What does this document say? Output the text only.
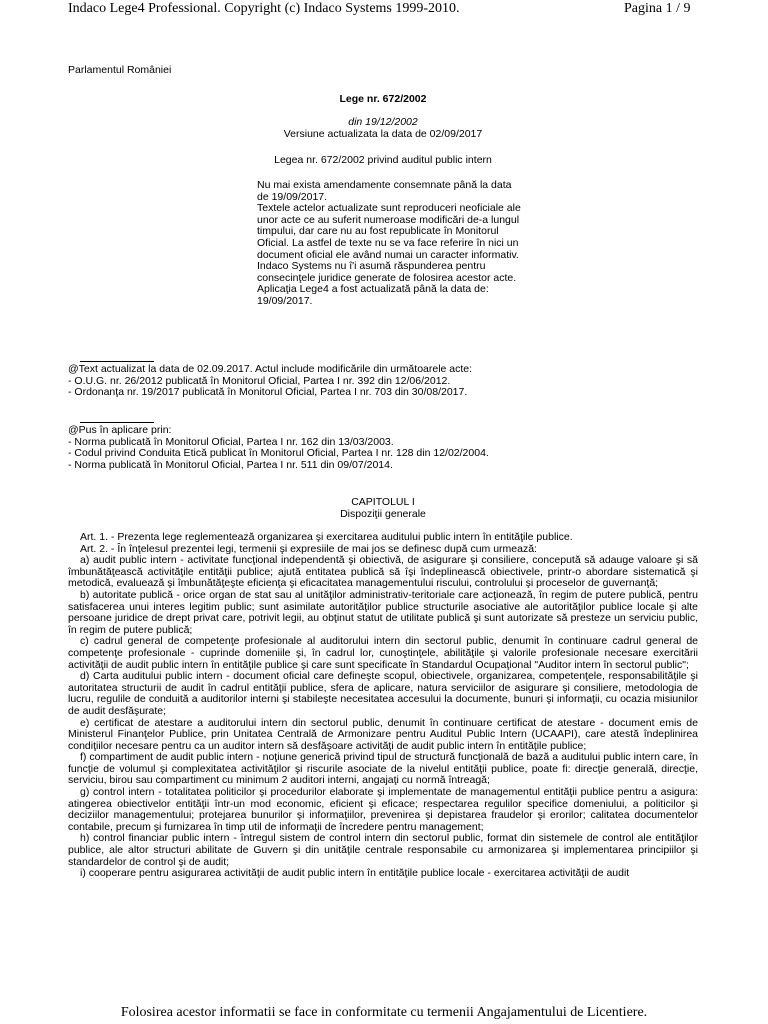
Indaco Lege4 Professional. Copyright (c) Indaco Systems 1999-2010.	Pagina 1 / 9
Parlamentul României
Lege nr. 672/2002
din 19/12/2002
Versiune actualizata la data de 02/09/2017
Legea nr. 672/2002 privind auditul public intern

Nu mai exista amendamente consemnate până la data de 19/09/2017.

Textele actelor actualizate sunt reproduceri neoficiale ale unor acte ce au suferit numeroase modificări de-a lungul timpului, dar care nu au fost republicate în Monitorul Oficial. La astfel de texte nu se va face referire în nici un document oficial ele având numai un caracter informativ. Indaco Systems nu î'i asumă răspunderea pentru consecinţele juridice generate de folosirea acestor acte.

Aplicaţia Lege4 a fost actualizată până la data de: 19/09/2017.

@Text actualizat la data de 02.09.2017. Actul include modificările din următoarele acte:
- O.U.G. nr. 26/2012 publicată în Monitorul Oficial, Partea I nr. 392 din 12/06/2012.
- Ordonanţa nr. 19/2017 publicată în Monitorul Oficial, Partea I nr. 703 din 30/08/2017.
@Pus în aplicare prin:
- Norma publicată în Monitorul Oficial, Partea I nr. 162 din 13/03/2003.
- Codul privind Conduita Etică publicat în Monitorul Oficial, Partea I nr. 128 din 12/02/2004.
- Norma publicată în Monitorul Oficial, Partea I nr. 511 din 09/07/2014.
CAPITOLUL I
Dispoziţii generale

Art. 1. - Prezenta lege reglementează organizarea şi exercitarea auditului public intern în entităţile publice.

Art. 2. - În înţelesul prezentei legi, termenii şi expresiile de mai jos se definesc după cum urmează:

a) audit public intern - activitate funcţional independentă şi obiectivă, de asigurare şi consiliere, concepută să adauge valoare şi să îmbunătăţească activităţile entităţii publice; ajută entitatea publică să îşi îndeplinească obiectivele, printr-o abordare sistematică şi metodică, evaluează şi îmbunătăţeşte eficienţa şi eficacitatea managementului riscului, controlului şi proceselor de guvernanţă;

b) autoritate publică - orice organ de stat sau al unităţilor administrativ-teritoriale care acţionează, în regim de putere publică, pentru satisfacerea unui interes legitim public; sunt asimilate autorităţilor publice structurile asociative ale autorităţilor publice locale şi alte persoane juridice de drept privat care, potrivit legii, au obţinut statut de utilitate publică şi sunt autorizate să presteze un serviciu public, în regim de putere publică;

c) cadrul general de competenţe profesionale al auditorului intern din sectorul public, denumit în continuare cadrul general de competenţe profesionale - cuprinde domeniile şi, în cadrul lor, cunoştinţele, abilităţile şi valorile profesionale necesare exercitării activităţii de audit public intern în entităţile publice şi care sunt specificate în Standardul Ocupaţional "Auditor intern în sectorul public";

d) Carta auditului public intern - document oficial care defineşte scopul, obiectivele, organizarea, competenţele, responsabilităţile şi autoritatea structurii de audit în cadrul entităţii publice, sfera de aplicare, natura serviciilor de asigurare şi consiliere, metodologia de lucru, regulile de conduită a auditorilor interni şi stabileşte necesitatea accesului la documente, bunuri şi informaţii, cu ocazia misiunilor de audit desfăşurate;

e) certificat de atestare a auditorului intern din sectorul public, denumit în continuare certificat de atestare - document emis de Ministerul Finanţelor Publice, prin Unitatea Centrală de Armonizare pentru Auditul Public Intern (UCAAPI), care atestă îndeplinirea condiţiilor necesare pentru ca un auditor intern să desfăşoare activităţi de audit public intern în entităţile publice;

f) compartiment de audit public intern - noţiune generică privind tipul de structură funcţională de bază a auditului public intern care, în funcţie de volumul şi complexitatea activităţilor şi riscurile asociate de la nivelul entităţii publice, poate fi: direcţie generală, direcţie, serviciu, birou sau compartiment cu minimum 2 auditori interni, angajaţi cu normă întreagă;

g) control intern - totalitatea politicilor şi procedurilor elaborate şi implementate de managementul entităţii publice pentru a asigura: atingerea obiectivelor entităţii într-un mod economic, eficient şi eficace; respectarea regulilor specifice domeniului, a politicilor şi deciziilor managementului; protejarea bunurilor şi informaţiilor, prevenirea şi depistarea fraudelor şi erorilor; calitatea documentelor contabile, precum şi furnizarea în timp util de informaţii de încredere pentru management;

h) control financiar public intern - întregul sistem de control intern din sectorul public, format din sistemele de control ale entităţilor publice, ale altor structuri abilitate de Guvern şi din unităţile centrale responsabile cu armonizarea şi implementarea principiilor şi standardelor de control şi de audit;

i) cooperare pentru asigurarea activităţii de audit public intern în entităţile publice locale - exercitarea activităţii de audit

Folosirea acestor informatii se face in conformitate cu termenii Angajamentului de Licentiere.
